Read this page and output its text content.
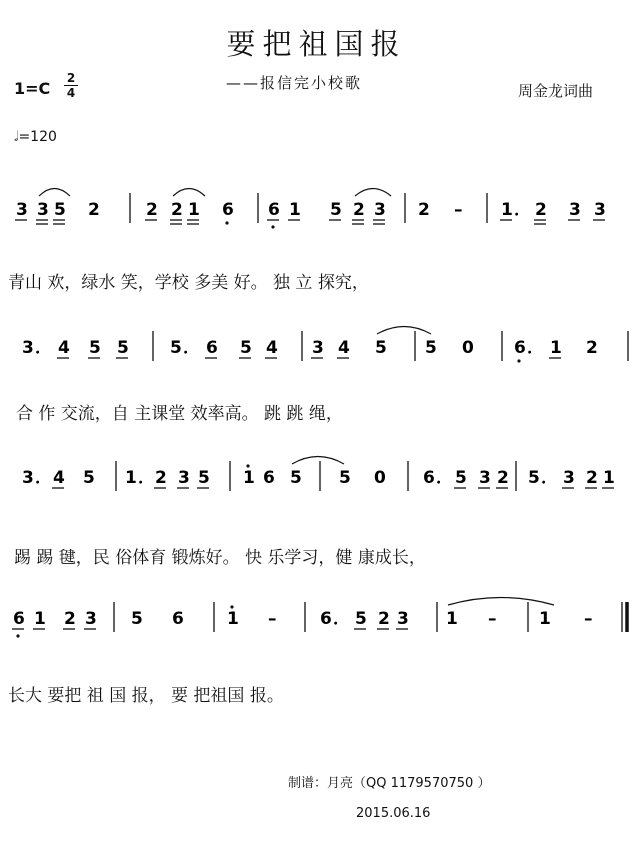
要把祖国报
——报信完小校歌	周金龙词曲
1=C
2
4
𝅗𝅥=120
3 3 5 2	2 2 1 6 6 1 5 2 3 2 – 1 ． 2 3 3
3 ． 4 5 5 5 ． 6 5 4 3 4 5 5 0 6 ． 1 2
3 ． 4 5 1 ． 2 3 5 1 6 5 5 0 6 ． 5 3 2 5 ． 3 2 1
6 1 2 3 5 6	1 –	6 ． 5 2 3 1 –	1 –
青山 欢，绿水 笑，学校 多美 好。 独 立 探究，
合 作 交流，自 主课堂 效率高。 跳 跳 绳，
踢 踢 毽，民 俗体育 锻炼好。 快 乐学习，健 康成长，
长大 要把 祖 国 报， 要 把祖国 报。
制谱：月亮（QQ 1179570750 ）
2015.06.16
